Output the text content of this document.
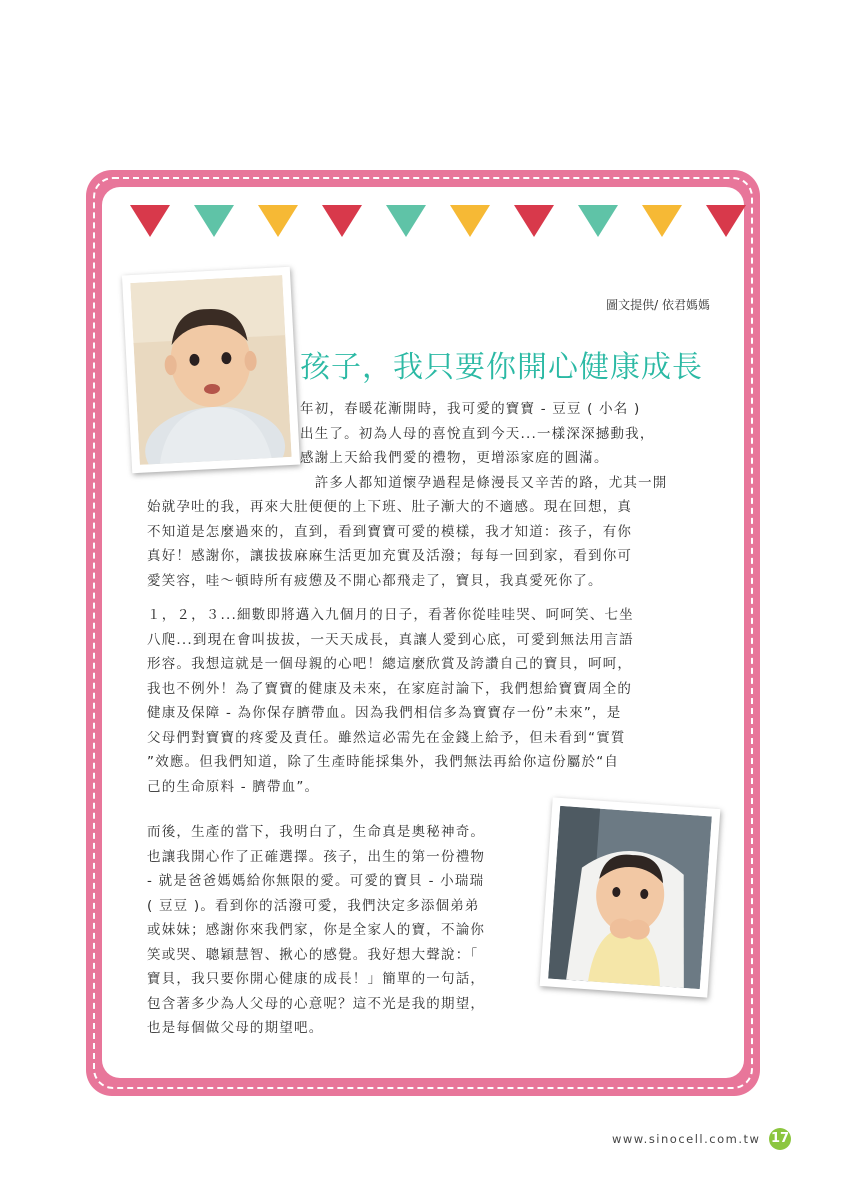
圖文提供/ 依君媽媽
孩子，我只要你開心健康成長

年初，春暖花漸開時，我可愛的寶寶 - 豆豆 ( 小名 )
出生了。初為人母的喜悅直到今天...一樣深深撼動我，
感謝上天給我們愛的禮物，更增添家庭的圓滿。
　許多人都知道懷孕過程是條漫長又辛苦的路，尤其一開

始就孕吐的我，再來大肚便便的上下班、肚子漸大的不適感。現在回想，真
不知道是怎麼過來的，直到，看到寶寶可愛的模樣，我才知道：孩子，有你
真好！感謝你，讓拔拔麻麻生活更加充實及活潑；每每一回到家，看到你可
愛笑容，哇～頓時所有疲憊及不開心都飛走了，寶貝，我真愛死你了。

１，２，３...細數即將邁入九個月的日子，看著你從哇哇哭、呵呵笑、七坐
八爬...到現在會叫拔拔，一天天成長，真讓人愛到心底，可愛到無法用言語
形容。我想這就是一個母親的心吧！總這麼欣賞及誇讚自己的寶貝，呵呵，
我也不例外！為了寶寶的健康及未來，在家庭討論下，我們想給寶寶周全的
健康及保障 - 為你保存臍帶血。因為我們相信多為寶寶存一份”未來”，是
父母們對寶寶的疼愛及責任。雖然這必需先在金錢上給予，但未看到“實質
”效應。但我們知道，除了生產時能採集外，我們無法再給你這份屬於“自
己的生命原料 - 臍帶血”。

而後，生產的當下，我明白了，生命真是奧秘神奇。
也讓我開心作了正確選擇。孩子，出生的第一份禮物
- 就是爸爸媽媽給你無限的愛。可愛的寶貝 - 小瑞瑞
( 豆豆 )。看到你的活潑可愛，我們決定多添個弟弟
或妹妹；感謝你來我們家，你是全家人的寶，不論你
笑或哭、聰穎慧智、揪心的感覺。我好想大聲說：「
寶貝，我只要你開心健康的成長！」簡單的一句話，
包含著多少為人父母的心意呢？這不光是我的期望，
也是每個做父母的期望吧。

www.sinocell.com.tw 17
